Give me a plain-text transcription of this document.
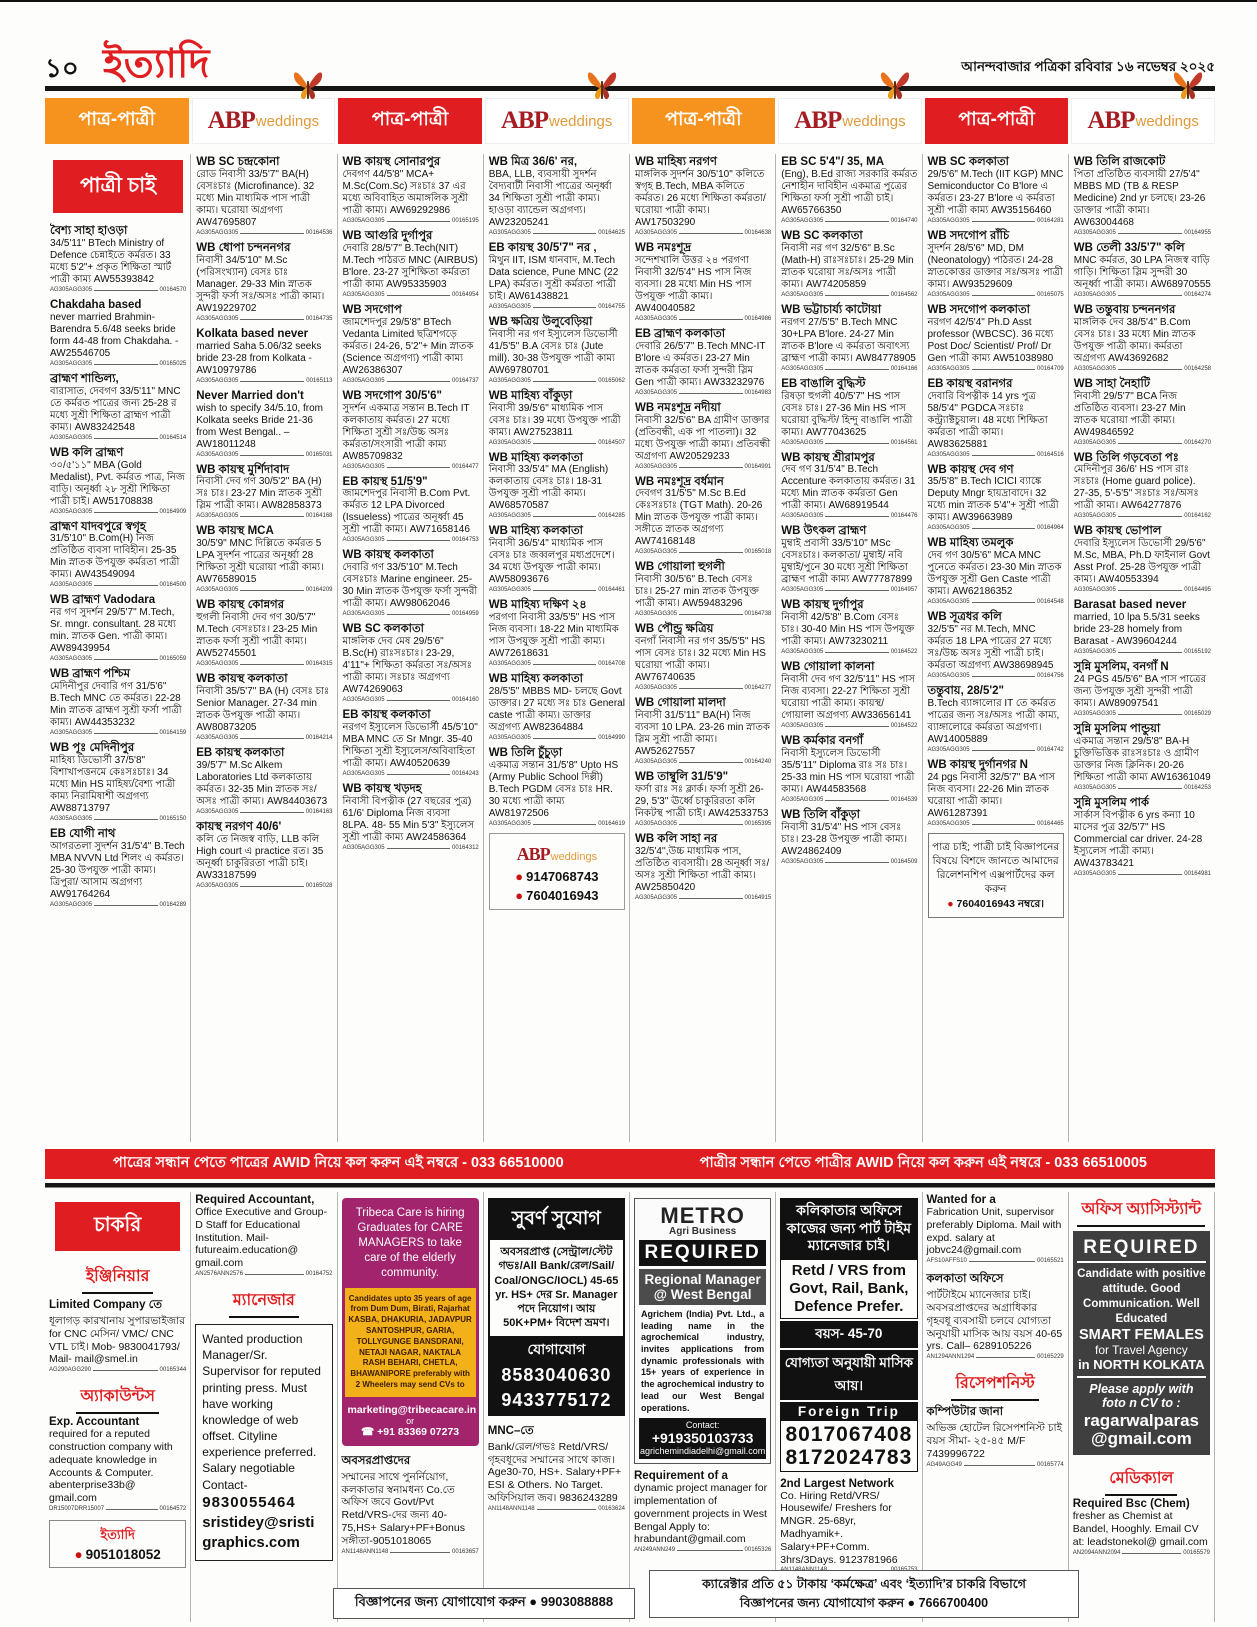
১০ ইত্যাদি	আনন্দবাজার পত্রিকা রবিবার ১৬ নভেম্বর ২০২৫
পাত্র-পাত্রী	ABP weddings	পাত্র-পাত্রী	ABP weddings	পাত্র-পাত্রী	ABP weddings	পাত্র-পাত্রী	ABP weddings
পাত্রী চাই
বৈশ্য সাহা হাওড়া
34/5'11" BTech Ministry of Defence চেন্নাইতে কর্মরত। 33 মধ্যে 5'2"+ প্রকৃত শিক্ষিতা স্মার্ট পাত্রী কাম্য AW55393842
AG305AGG305	00164570
Chakdaha based
never married Brahmin-Barendra 5.6/48 seeks bride form 44-48 from Chakdaha. - AW25546705
AG305AGG305	00165025
ব্রাহ্মণ শান্ডিল্য,
বারাসাত, দেবগণ 33/5'11" MNC তে কর্মরত পাত্রের জন্য 25-28 র মধ্যে সুশ্রী শিক্ষিতা ব্রাহ্মণ পাত্রী কাম্য। AW83242548
AG305AGG305	00164514
WB কলি ব্রাহ্মণ
৩০/৫'১১" MBA (Gold Medalist), Pvt. কর্মরত পাত্র, নিজ বাড়ি। অনূর্ধ্বা ২৮ সুশ্রী শিক্ষিতা পাত্রী চাই। AW51708838
AG305AGG305	00164909
ব্রাহ্মণ যাদবপুরে স্বগৃহ
31/5'10" B.Com(H) নিজ প্রতিষ্ঠিত ব্যবসা দাবিহীন। 25-35 Min স্নাতক উপযুক্ত কর্মরতা পাত্রী কাম্য। AW43549094
AG305AGG305	00164500
WB ব্রাহ্মণ Vadodara
নর গণ সুদর্শন 29/5'7" M.Tech, Sr. mngr. consultant. 28 মধ্যে min. স্নাতক Gen. পাত্রী কাম্য। AW89439954
AG305AGG305	00165059
WB ব্রাহ্মণ পশ্চিম
মেদিনীপুর দেবারি গণ 31/5'6" B.Tech MNC তে কর্মরত। 22-28 Min স্নাতক ব্রাহ্মণ সুশ্রী ফর্সা পাত্রী কাম্য। AW44353232
AG305AGG305	00164159
WB পূঃ মেদিনীপুর
মাহিষ্য ডিভোর্সী 37/5'8" বিশাখাপত্তনমে কেঃসঃচাঃ। 34 মধ্যে Min HS মাহিষ্য/বৈশ্য পাত্রী কাম্য নিরামিষাশী অগ্রগণ্য AW88713797
AG305AGG305	00165150
EB যোগী নাথ
আগরতলা সুদর্শন 31/5'4" B.Tech MBA NVVN Ltd শিলং এ কর্মরত। 25-30 উপযুক্ত পাত্রী কাম্য। ত্রিপুরা/ আসাম অগ্রগণ্য AW91764264
AG305AGG305	00164289
WB SC চন্দ্রকোনা
রোড নিবাসী 33/5'7" BA(H) বেসঃচাঃ (Microfinance). 32 মধ্যে Min মাধ্যমিক পাস পাত্রী কাম্য। ঘরোয়া অগ্রগণ্য AW47695807
AG305AGG305	00164536
WB ধোপা চন্দননগর
নিবাসী 34/5'10" M.Sc (পরিসংখ্যান) বেসঃ চাঃ Manager. 29-33 Min স্নাতক সুন্দরী ফর্সা সঃ/অসঃ পাত্রী কাম্য। AW19229702
AG305AGG305	00164735
Kolkata based never
married Saha 5.06/32 seeks bride 23-28 from Kolkata - AW10979786
AG305AGG305	00165113
Never Married don't
wish to specify 34/5.10, from Kolkata seeks Bride 21-36 from West Bengal.. – AW18011248
AG305AGG305	00165031
WB কায়স্থ মুর্শিদাবাদ
নিবাসী দেব গণ 30/5'2" BA (H) সঃ চাঃ। 23-27 Min স্নাতক সুশ্রী স্লিম পাত্রী কাম্য। AW82858373
AG305AGG305	00164168
WB কায়স্থ MCA
30/5'9" MNC দিল্লিতে কর্মরত 5 LPA সুদর্শন পাত্রের অনূর্ধ্বা 28 শিক্ষিতা সুশ্রী ঘরোয়া পাত্রী কাম্য। AW76589015
AG305AGG305	00164209
WB কায়স্থ কোন্নগর
হুগলী নিবাসী দেব গণ 30/5'7" M.Tech বেসঃচাঃ। 23-25 Min স্নাতক ফর্সা সুশ্রী পাত্রী কাম্য। AW52745501
AG305AGG305	00164315
WB কায়স্থ কলকাতা
নিবাসী 35/5'7" BA (H) বেসঃ চাঃ Senior Manager. 27-34 min স্নাতক উপযুক্ত পাত্রী কাম্য। AW80873205
AG305AGG305	00164214
EB কায়স্থ কলকাতা
39/5'7" M.Sc Alkem Laboratories Ltd কলকাতায় কর্মরত। 32-35 Min স্নাতক সঃ/অসঃ পাত্রী কাম্য। AW84403673
AG305AGG305	00164163
কায়স্থ নরগণ 40/6'
কলি তে নিজস্ব বাড়ি, LLB কলি High court এ practice রত। 35 অনূর্ধ্বা চাকুরিরতা পাত্রী চাই। AW33187599
AG305AGG305	00165028
WB কায়স্থ সোনারপুর
দেবগণ 44/5'8" MCA+ M.Sc(Com.Sc) সঃচাঃ 37 এর মধ্যে অবিবাহিত অমাঙ্গলিক সুশ্রী পাত্রী কাম্য। AW69292986
AG305AGG305	00165195
WB আগুরি দুর্গাপুর
দেবারি 28/5'7" B.Tech(NIT) M.Tech পাঠরত MNC (AIRBUS) B'lore. 23-27 সুশিক্ষিতা কর্মরতা পাত্রী কাম্য AW95335903
AG305AGG305	00164954
WB সদগোপ
জামশেদপুর 29/5'8" BTech Vedanta Limited ছত্রিশগড়ে কর্মরত। 24-26, 5'2"+ Min স্নাতক (Science অগ্রগণ্য) পাত্রী কাম্য AW26386307
AG305AGG305	00164737
WB সদগোপ 30/5'6"
সুদর্শন একমাত্র সন্তান B.Tech IT কলকাতায় কর্মরত। 27 মধ্যে শিক্ষিতা সুশ্রী সঃ/উচ্চ অসঃ কর্মরতা/সংসারী পাত্রী কাম্য AW85709832
AG305AGG305	00164477
EB কায়স্থ 51/5'9"
জামশেদপুর নিবাসী B.Com Pvt. কর্মরত 12 LPA Divorced (Issueless) পাত্রের অনূর্ধ্বা 45 সুশ্রী পাত্রী কাম্য। AW71658146
AG305AGG305	00164753
WB কায়স্থ কলকাতা
দেবারি গণ 33/5'10" M.Tech বেসঃচাঃ Marine engineer. 25-30 Min স্নাতক উপযুক্ত ফর্সা সুন্দরী পাত্রী কাম্য। AW98062046
AG305AGG305	00164959
WB SC কলকাতা
মাঙ্গলিক দেব মেষ 29/5'6" B.Sc(H) রাঃসঃচাঃ। 23-29, 4'11"+ শিক্ষিতা কর্মরতা সঃ/অসঃ পাত্রী কাম্য। সঃচাঃ অগ্রগণ্য AW74269063
AG305AGG305	00164160
EB কায়স্থ কলকাতা
নরগণ ইস্যুলেস ডিভোর্সী 45/5'10" MBA MNC তে Sr Mngr. 35-40 শিক্ষিতা সুশ্রী ইস্যুলেস/অবিবাহিতা পাত্রী কাম্য। AW40520639
AG305AGG305	00164243
WB কায়স্থ খড়দহ
নিবাসী বিপত্নীক (27 বছরের পুত্র) 61/6' Diploma নিজ ব্যবসা 8LPA. 48- 55 Min 5'3" ইস্যুলেস সুশ্রী পাত্রী কাম্য AW24586364
AG305AGG305	00164312
WB মিত্র 36/6' নর,
BBA, LLB, ব্যবসায়ী সুদর্শন বৈদ্যবাটী নিবাসী পাত্রের অনূর্ধ্বা 34 শিক্ষিতা সুশ্রী পাত্রী কাম্য। হাওড়া ব্যান্ডেল অগ্রগণ্য। AW23205241
AG305AGG305	00164625
EB কায়স্থ 30/5'7" নর ,
মিথুন IIT, ISM ধানবাদ, M.Tech Data science, Pune MNC (22 LPA) কর্মরত। সুশ্রী কর্মরতা পাত্রী চাই। AW61438821
AG305AGG305	00164755
WB ক্ষত্রিয় উলুবেড়িয়া
নিবাসী নর গণ ইস্যুলেস ডিভোর্সী 41/5'5" B.A বেসঃ চাঃ (Jute mill). 30-38 উপযুক্ত পাত্রী কাম্য AW69780701
AG305AGG305	00165062
WB মাহিষ্য বাঁকুড়া
নিবাসী 39/5'6" মাধ্যমিক পাস বেসঃ চাঃ। 39 মধ্যে উপযুক্ত পাত্রী কাম্য। AW27523811
AG305AGG305	00164507
WB মাহিষ্য কলকাতা
নিবাসী 33/5'4" MA (English) কলকাতায় বেসঃ চাঃ। 18-31 উপযুক্ত সুশ্রী পাত্রী কাম্য। AW68570587
AG305AGG305	00164285
WB মাহিষ্য কলকাতা
নিবাসী 36/5'4" মাধ্যমিক পাস বেসঃ চাঃ জব্বলপুর মধ্যপ্রদেশে। 34 মধ্যে উপযুক্ত পাত্রী কাম্য। AW58093676
AG305AGG305	00164461
WB মাহিষ্য দক্ষিণ ২৪
পরগণা নিবাসী 33/5'5" HS পাস নিজ ব্যবসা। 18-22 Min মাধ্যমিক পাস উপযুক্ত সুশ্রী পাত্রী কাম্য। AW72618631
AG305AGG305	00164708
WB মাহিষ্য কলকাতা
28/5'5" MBBS MD- চলছে Govt ডাক্তার। 27 মধ্যে সঃ চাঃ General caste পাত্রী কাম্য। ডাক্তার অগ্রগণ্য AW82364884
AG305AGG305	00164990
WB তিলি চুঁচুড়া
একমাত্র সন্তান 31/5'8" Upto HS (Army Public School দিল্লী) B.Tech PGDM বেসঃ চাঃ HR. 30 মধ্যে পাত্রী কাম্য AW81972506
AG305AGG305	00164619
ABPweddings
● 9147068743
● 7604016943
WB মাহিষ্য নরগণ
মাঙ্গলিক সুদর্শন 30/5'10" কলিতে স্বগৃহ B.Tech, MBA কলিতে কর্মরত। 26 মধ্যে শিক্ষিতা কর্মরতা/ঘরোয়া পাত্রী কাম্য। AW17503290
AG305AGG305	00164638
WB নমঃশূদ্র
সন্দেশখালি উত্তর ২৪ পরগণা নিবাসী 32/5'4" HS পাস নিজ ব্যবসা। 28 মধ্যে Min HS পাস উপযুক্ত পাত্রী কাম্য। AW40040582
AG305AGG305	00164986
EB ব্রাহ্মণ কলকাতা
দেবারি 26/5'7" B.Tech MNC-IT B'lore এ কর্মরত। 23-27 Min স্নাতক কর্মরতা ফর্সা সুন্দরী স্লিম Gen পাত্রী কাম্য। AW33232976
AG305AGG305	00164983
WB নমঃশূদ্র নদীয়া
নিবাসী 32/5'6" BA গ্রামীণ ডাক্তার (প্রতিবন্ধী, এক পা পাতলা)। 32 মধ্যে উপযুক্ত পাত্রী কাম্য। প্রতিবন্ধী অগ্রগণ্য AW20529233
AG305AGG305	00164991
WB নমঃশূদ্র বর্ধমান
দেবগণ 31/5'5" M.Sc B.Ed কেঃসঃচাঃ (TGT Math). 20-26 Min স্নাতক উপযুক্ত পাত্রী কাম্য। সঙ্গীতে স্নাতক অগ্রগণ্য AW74168148
AG305AGG305	00165018
WB গোয়ালা হুগলী
নিবাসী 30/5'6" B.Tech বেসঃ চাঃ। 25-27 min স্নাতক উপযুক্ত পাত্রী কাম্য। AW59483296
AG305AGG305	00164738
WB পৌন্ড্র ক্ষত্রিয়
বনগাঁ নিবাসী নর গণ 35/5'5" HS পাস বেসঃ চাঃ। 32 মধ্যে Min HS ঘরোয়া পাত্রী কাম্য। AW76740635
AG305AGG305	00164277
WB গোয়ালা মালদা
নিবাসী 31/5'11" BA(H) নিজ ব্যবসা 10 LPA. 23-26 min স্নাতক স্লিম সুশ্রী পাত্রী কাম্য। AW52627557
AG305AGG305	00164240
WB তাম্বুলি 31/5'9"
ফর্সা রাঃ সঃ ক্লার্ক। ফর্সা সুশ্রী 26-29, 5'3" ঊর্ধ্বে চাকুরিরতা কলি নিকটস্থ পাত্রী চাই। AW42533753
AG305AGG305	00165395
WB কলি সাহা নর
32/5'4'',উচ্চ মাধ্যমিক পাস, প্রতিষ্ঠিত ব্যবসায়ী। 28 অনূর্ধ্বা সঃ/অসঃ সুশ্রী শিক্ষিতা পাত্রী কাম্য। AW25850420
AG305AGG305	00164915
EB SC 5'4"/ 35, MA
(Eng), B.Ed রাজ্য সরকারি কর্মরত নেশাহীন দাবিহীন একমাত্র পুত্রের শিক্ষিতা ফর্সা সুশ্রী পাত্রী চাই। AW65766350
AG305AGG305	00164740
WB SC কলকাতা
নিবাসী নর গণ 32/5'6" B.Sc (Math-H) রাঃসঃচাঃ। 25-29 Min স্নাতক ঘরোয়া সঃ/অসঃ পাত্রী কাম্য। AW74205859
AG305AGG305	00164562
WB ভট্টাচার্য্য কাটোয়া
নরগণ 27/5'5" B.Tech MNC 30+LPA B'lore. 24-27 Min স্নাতক B'lore এ কর্মরতা অবাৎস্য ব্রাহ্মণ পাত্রী কাম্য। AW84778905
AG305AGG305	00164166
EB বাঙালি বুদ্ধিস্ট
রিষড়া হুগলী 40/5'7" HS পাস বেসঃ চাঃ। 27-36 Min HS পাস ঘরোয়া বুদ্ধিস্ট/ হিন্দু বাঙালি পাত্রী কাম্য। AW77043625
AG305AGG305	00164561
WB কায়স্থ শ্রীরামপুর
দেব গণ 31/5'4" B.Tech Accenture কলকাতায় কর্মরত। 31 মধ্যে Min স্নাতক কর্মরতা Gen পাত্রী কাম্য। AW68919544
AG305AGG305	00164476
WB উৎকল ব্রাহ্মণ
মুম্বাই প্রবাসী 33/5'10" MSc বেসঃচাঃ। কলকাতা/ মুম্বাই/ নবি মুম্বাই/পুনে 30 মধ্যে সুশ্রী শিক্ষিতা ব্রাহ্মণ পাত্রী কাম্য AW77787899
AG305AGG305	00164957
WB কায়স্থ দুর্গাপুর
নিবাসী 42/5'8" B.Com বেসঃ চাঃ। 30-40 Min HS পাস উপযুক্ত পাত্রী কাম্য। AW73230211
AG305AGG305	00164522
WB গোয়ালা কালনা
নিবাসী দেব গণ 32/5'11" HS পাস নিজ ব্যবসা। 22-27 শিক্ষিতা সুশ্রী ঘরোয়া পাত্রী কাম্য। কায়স্থ/ গোয়ালা অগ্রগণ্য AW33656141
AG305AGG305	00164522
WB কর্মকার বনগাঁ
নিবাসী ইস্যুলেস ডিভোর্সী 35/5'11" Diploma রাঃ সঃ চাঃ। 25-33 min HS পাস ঘরোয়া পাত্রী কাম্য। AW44583568
AG305AGG305	00164539
WB তিলি বাঁকুড়া
নিবাসী 31/5'4" HS পাস বেসঃ চাঃ। 23-28 উপযুক্ত পাত্রী কাম্য। AW24862409
AG305AGG305	00164509
WB SC কলকাতা
29/5'6" M.Tech (IIT KGP) MNC Semiconductor Co B'lore এ কর্মরত। 23-27 B'lore এ কর্মরতা সুশ্রী পাত্রী কাম্য AW35156460
AG305AGG305	00164281
WB সদগোপ রাঁচি
সুদর্শন 28/5'6" MD, DM (Neonatology) পাঠরত। 24-28 স্নাতকোত্তর ডাক্তার সঃ/অসঃ পাত্রী কাম্য। AW93529609
AG305AGG305	00165075
WB সদগোপ কলকাতা
নরগণ 42/5'4" Ph.D Asst professor (WBCSC). 36 মধ্যে Post Doc/ Scientist/ Prof/ Dr Gen পাত্রী কাম্য AW51038980
AG305AGG305	00164709
EB কায়স্থ বরানগর
দেবারি বিপত্নীক 14 yrs পুত্র 58/5'4" PGDCA সঃচাঃ কন্ট্র্যাক্টচুয়াল। 48 মধ্যে শিক্ষিতা কর্মরতা পাত্রী কাম্য। AW83625881
AG305AGG305	00164516
WB কায়স্থ দেব গণ
35/5'8" B.Tech ICICI ব্যাঙ্কে Deputy Mngr হায়দ্রাবাদে। 32 মধ্যে min স্নাতক 5'4"+ সুশ্রী পাত্রী কাম্য। AW39663989
AG305AGG305	00164964
WB মাহিষ্য তমলুক
দেব গণ 30/5'6" MCA MNC পুনেতে কর্মরত। 23-30 Min স্নাতক উপযুক্ত সুশ্রী Gen Caste পাত্রী কাম্য। AW62186352
AG305AGG305	00164548
WB সূত্রধর কলি
32/5'5" নর M.Tech, MNC কর্মরত 18 LPA পাত্রের 27 মধ্যে সঃ/উচ্চ অসঃ সুশ্রী পাত্রী চাই। কর্মরতা অগ্রগণ্য AW38698945
AG305AGG305	00164756
তন্তুবায়, 28/5'2"
B.Tech ব্যাঙ্গালোর IT তে কর্মরত পাত্রের জন্য সঃ/অসঃ পাত্রী কাম্য, ব্যাঙ্গালোরে কর্মরতা অগ্রগণ্য। AW14005889
AG305AGG305	00164742
WB কায়স্থ দুর্গানগর N
24 pgs নিবাসী 32/5'7" BA পাস নিজ ব্যবসা। 22-26 Min স্নাতক ঘরোয়া পাত্রী কাম্য। AW61287391
AG305AGG305	00164465
পাত্র চাই; পাত্রী চাই বিজ্ঞাপনের বিষয়ে বিশদে জানতে আমাদের রিলেশনশিপ এক্সপার্টদের কল করুন
● 7604016943 নম্বরে।
WB তিলি রাজকোট
পিতা প্রতিষ্ঠিত ব্যবসায়ী 27/5'4" MBBS MD (TB & RESP Medicine) 2nd yr চলছে। 23-26 ডাক্তার পাত্রী কাম্য। AW63004468
AG305AGG305	00164955
WB তেলী 33/5'7" কলি
MNC কর্মরত, 30 LPA নিজস্ব বাড়ি গাড়ি। শিক্ষিতা স্লিম সুন্দরী 30 অনূর্ধ্বা পাত্রী কাম্য। AW68970555
AG305AGG305	00164274
WB তন্তুবায় চন্দননগর
মাঙ্গলিক দেব 38/5'4" B.Com বেসঃ চাঃ। 33 মধ্যে Min স্নাতক উপযুক্ত পাত্রী কাম্য। কর্মরতা অগ্রগণ্য AW43692682
AG305AGG305	00164258
WB সাহা নৈহাটি
নিবাসী 29/5'7" BCA নিজ প্রতিষ্ঠিত ব্যবসা। 23-27 Min স্নাতক ঘরোয়া পাত্রী কাম্য। AW49846592
AG305AGG305	00164270
WB তিলি গড়বেতা পঃ
মেদিনীপুর 36/6' HS পাস রাঃ সঃচাঃ (Home guard police). 27-35, 5'-5'5" সঃচাঃ সঃ/অসঃ পাত্রী কাম্য। AW64277876
AG305AGG305	00164162
WB কায়স্থ ভোপাল
দেবারি ইস্যুলেস ডিভোর্সী 29/5'6" M.Sc, MBA, Ph.D ফাইনাল Govt Asst Prof. 25-28 উপযুক্ত পাত্রী কাম্য। AW40553394
AG305AGG305	00164495
Barasat based never
married, 10 lpa 5.5/31 seeks bride 23-28 homely from Barasat - AW39604244
AG305AGG305	00165192
সুন্নি মুসলিম, বনগাঁ N
24 PGS 45/5'6" BA পাস পাত্রের জন্য উপযুক্ত সুশ্রী সুন্দরী পাত্রী কাম্য। AW89097541
AG305AGG305	00165029
সুন্নি মুসলিম পান্ডুয়া
একমাত্র সন্তান 29/5'8" BA-H চুক্তিভিত্তিক রাঃসঃচাঃ ও গ্রামীণ ডাক্তার নিজ ক্লিনিক। 20-26 শিক্ষিতা পাত্রী কাম্য AW16361049
AG305AGG305	00164253
সুন্নি মুসলিম পার্ক
সার্কাস বিপত্নীক 6 yrs কন্যা 10 মাসের পুত্র 32/5'7" HS Commercial car driver. 24-28 ইস্যুলেস পাত্রী কাম্য। AW43783421
AG305AGG305	00164981
পাত্রের সন্ধান পেতে পাত্রের AWID নিয়ে কল করুন এই নম্বরে - 033 66510000	পাত্রীর সন্ধান পেতে পাত্রীর AWID নিয়ে কল করুন এই নম্বরে - 033 66510005
চাকরি
ইঞ্জিনিয়ার
Limited Company তে
ধূলাগড় কারখানায় সুপারভাইজার for CNC মেসিন/ VMC/ CNC VTL চাই। Mob- 9830041793/ Mail- mail@smel.in
AG290AGG290	00165344
অ্যাকাউন্টস
Exp. Accountant
required for a reputed construction company with adequate knowledge in Accounts & Computer. abenterprise33b@ gmail.com
DR15007DRR15007	00164572
ইত্যাদি
● 9051018052
Required Accountant,
Office Executive and Group-D Staff for Educational Institution. Mail- futureaim.education@ gmail.com
AN2576ANN2576	00164752
ম্যানেজার
Wanted production Manager/Sr. Supervisor for reputed printing press. Must have working knowledge of web offset. Cityline experience preferred. Salary negotiable Contact-
9830055464
sristidey@sristi graphics.com
Tribeca Care is hiring Graduates for CARE MANAGERS to take care of the elderly community.
Candidates upto 35 years of age from Dum Dum, Birati, Rajarhat KASBA, DHAKURIA, JADAVPUR SANTOSHPUR, GARIA, TOLLYGUNGE BANSDRANI, NETAJI NAGAR, NAKTALA RASH BEHARI, CHETLA, BHAWANIPORE preferably with 2 Wheelers may send CVs to
marketing@tribecacare.in
or
☎ +91 83369 07273
অবসরপ্রাপ্তদের
সম্মানের সাথে পুনর্নিয়োগ, কলকাতার স্বনামধন্য Co.তে অফিস জবে Govt/Pvt Retd/VRS-দের জন্য 40-75,HS+ Salary+PF+Bonus সঙ্গীতা-9051018065
AN1148ANN1148	00163657
সুবর্ণ সুযোগ
অবসরপ্রাপ্ত (সেন্ট্রাল/স্টেট গভঃ/All Bank/রেল/Sail/ Coal/ONGC/IOCL) 45-65 yr. HS+ দের Sr. Manager পদে নিয়োগ। আয় 50K+PM+ বিদেশ ভ্রমণ।
যোগাযোগ
8583040630
9433775172
MNC–তে
Bank/রেল/গভঃ Retd/VRS/গৃহবধূদের সম্মানের সাথে কাজ। Age30-70, HS+. Salary+PF+ ESI & Others. No Target. অফিসিয়াল জব। 9836243289
AN1148ANN1148	00163624
METRO
Agri Business
REQUIRED
Regional Manager @ West Bengal
Agrichem (India) Pvt. Ltd., a leading name in the agrochemical industry, invites applications from dynamic professionals with 15+ years of experience in the agrochemical industry to lead our West Bengal operations.
Contact:
+919350103733
agrichemindiadelhi@gmail.com
Requirement of a
dynamic project manager for implementation of government projects in West Bengal Apply to: hrabundant@gmail.com
AN249ANN249	00165326
কলিকাতার অফিসে কাজের জন্য পার্ট টাইম ম্যানেজার চাই।
Retd / VRS from Govt, Rail, Bank, Defence Prefer.
বয়স- 45-70
যোগ্যতা অনুযায়ী মাসিক আয়।
Foreign Trip
8017067408
8172024783
2nd Largest Network
Co. Hiring Retd/VRS/ Housewife/ Freshers for MNGR. 25-68yr, Madhyamik+. Salary+PF+Comm. 3hrs/3Days. 9123781966
Wanted for a
Fabrication Unit, supervisor preferably Diploma. Mail with expd. salary at jobvc24@gmail.com
AFS10AFFS10	00165521
কলকাতা অফিসে
পার্টটাইমে ম্যানেজার চাই। অবসরপ্রাপ্তদের অগ্রাধিকার গৃহবধূ ব্যবসায়ী চলবে যোগ্যতা অনুযায়ী মাসিক আয় বয়স 40-65 yrs. Call– 6289105226
AN1294ANN1294	00165229
রিসেপশনিস্ট
কম্পিউটার জানা
অভিজ্ঞ হোটেল রিসেপশনিস্ট চাই বয়স সীমা- ২৫-৪৫ M/F 7439996722
AG49AGG49	00165774
অফিস অ্যাসিস্ট্যান্ট
REQUIRED
Candidate with positive attitude. Good Communication. Well Educated
SMART FEMALES
for Travel Agency
in NORTH KOLKATA
Please apply with foto n CV to :
ragarwalparas @gmail.com
মেডিক্যাল
Required Bsc (Chem)
fresher as Chemist at Bandel, Hooghly. Email CV at: leadstonekol@ gmail.com
AN2094ANN2094	00165579
বিজ্ঞাপনের জন্য যোগাযোগ করুন ● 9903088888
ক্যারেক্টার প্রতি ৫১ টাকায় ‘কর্মক্ষেত্র’ এবং ‘ইত্যাদি’র চাকরি বিভাগে
বিজ্ঞাপনের জন্য যোগাযোগ করুন ● 7666700400
